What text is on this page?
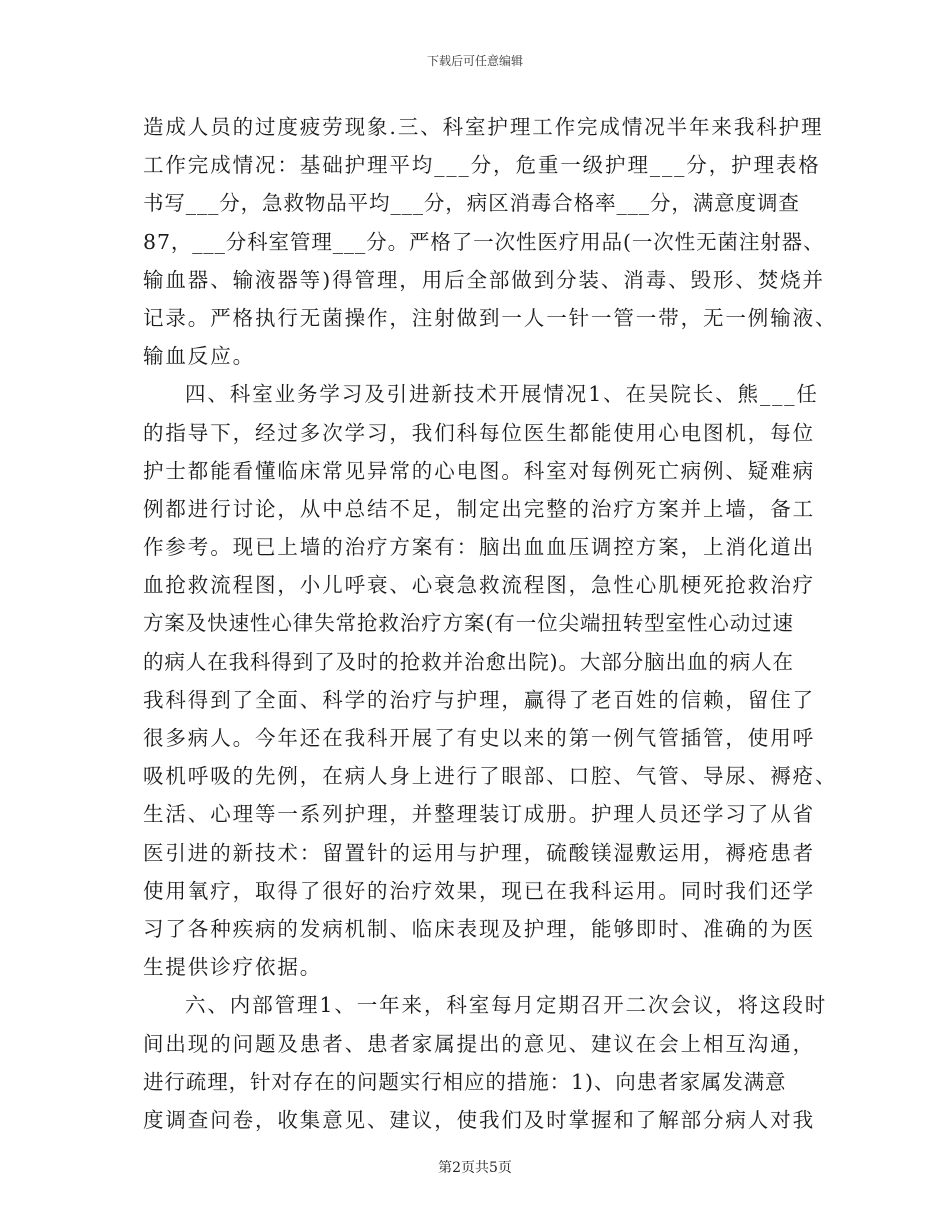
下载后可任意编辑
造成人员的过度疲劳现象.三、科室护理工作完成情况半年来我科护理
工作完成情况：基础护理平均___分，危重一级护理___分，护理表格
书写___分，急救物品平均___分，病区消毒合格率___分，满意度调查
87，___分科室管理___分。严格了一次性医疗用品(一次性无菌注射器、
输血器、输液器等)得管理，用后全部做到分装、消毒、毁形、焚烧并
记录。严格执行无菌操作，注射做到一人一针一管一带，无一例输液、
输血反应。
四、科室业务学习及引进新技术开展情况1、在吴院长、熊___任
的指导下，经过多次学习，我们科每位医生都能使用心电图机，每位
护士都能看懂临床常见异常的心电图。科室对每例死亡病例、疑难病
例都进行讨论，从中总结不足，制定出完整的治疗方案并上墙，备工
作参考。现已上墙的治疗方案有：脑出血血压调控方案，上消化道出
血抢救流程图，小儿呼衰、心衰急救流程图，急性心肌梗死抢救治疗
方案及快速性心律失常抢救治疗方案(有一位尖端扭转型室性心动过速
的病人在我科得到了及时的抢救并治愈出院)。大部分脑出血的病人在
我科得到了全面、科学的治疗与护理，赢得了老百姓的信赖，留住了
很多病人。今年还在我科开展了有史以来的第一例气管插管，使用呼
吸机呼吸的先例，在病人身上进行了眼部、口腔、气管、导尿、褥疮、
生活、心理等一系列护理，并整理装订成册。护理人员还学习了从省
医引进的新技术：留置针的运用与护理，硫酸镁湿敷运用，褥疮患者
使用氧疗，取得了很好的治疗效果，现已在我科运用。同时我们还学
习了各种疾病的发病机制、临床表现及护理，能够即时、准确的为医
生提供诊疗依据。
六、内部管理1、一年来，科室每月定期召开二次会议，将这段时
间出现的问题及患者、患者家属提出的意见、建议在会上相互沟通，
进行疏理，针对存在的问题实行相应的措施：1)、向患者家属发满意
度调查问卷，收集意见、建议，使我们及时掌握和了解部分病人对我
第2页共5页
